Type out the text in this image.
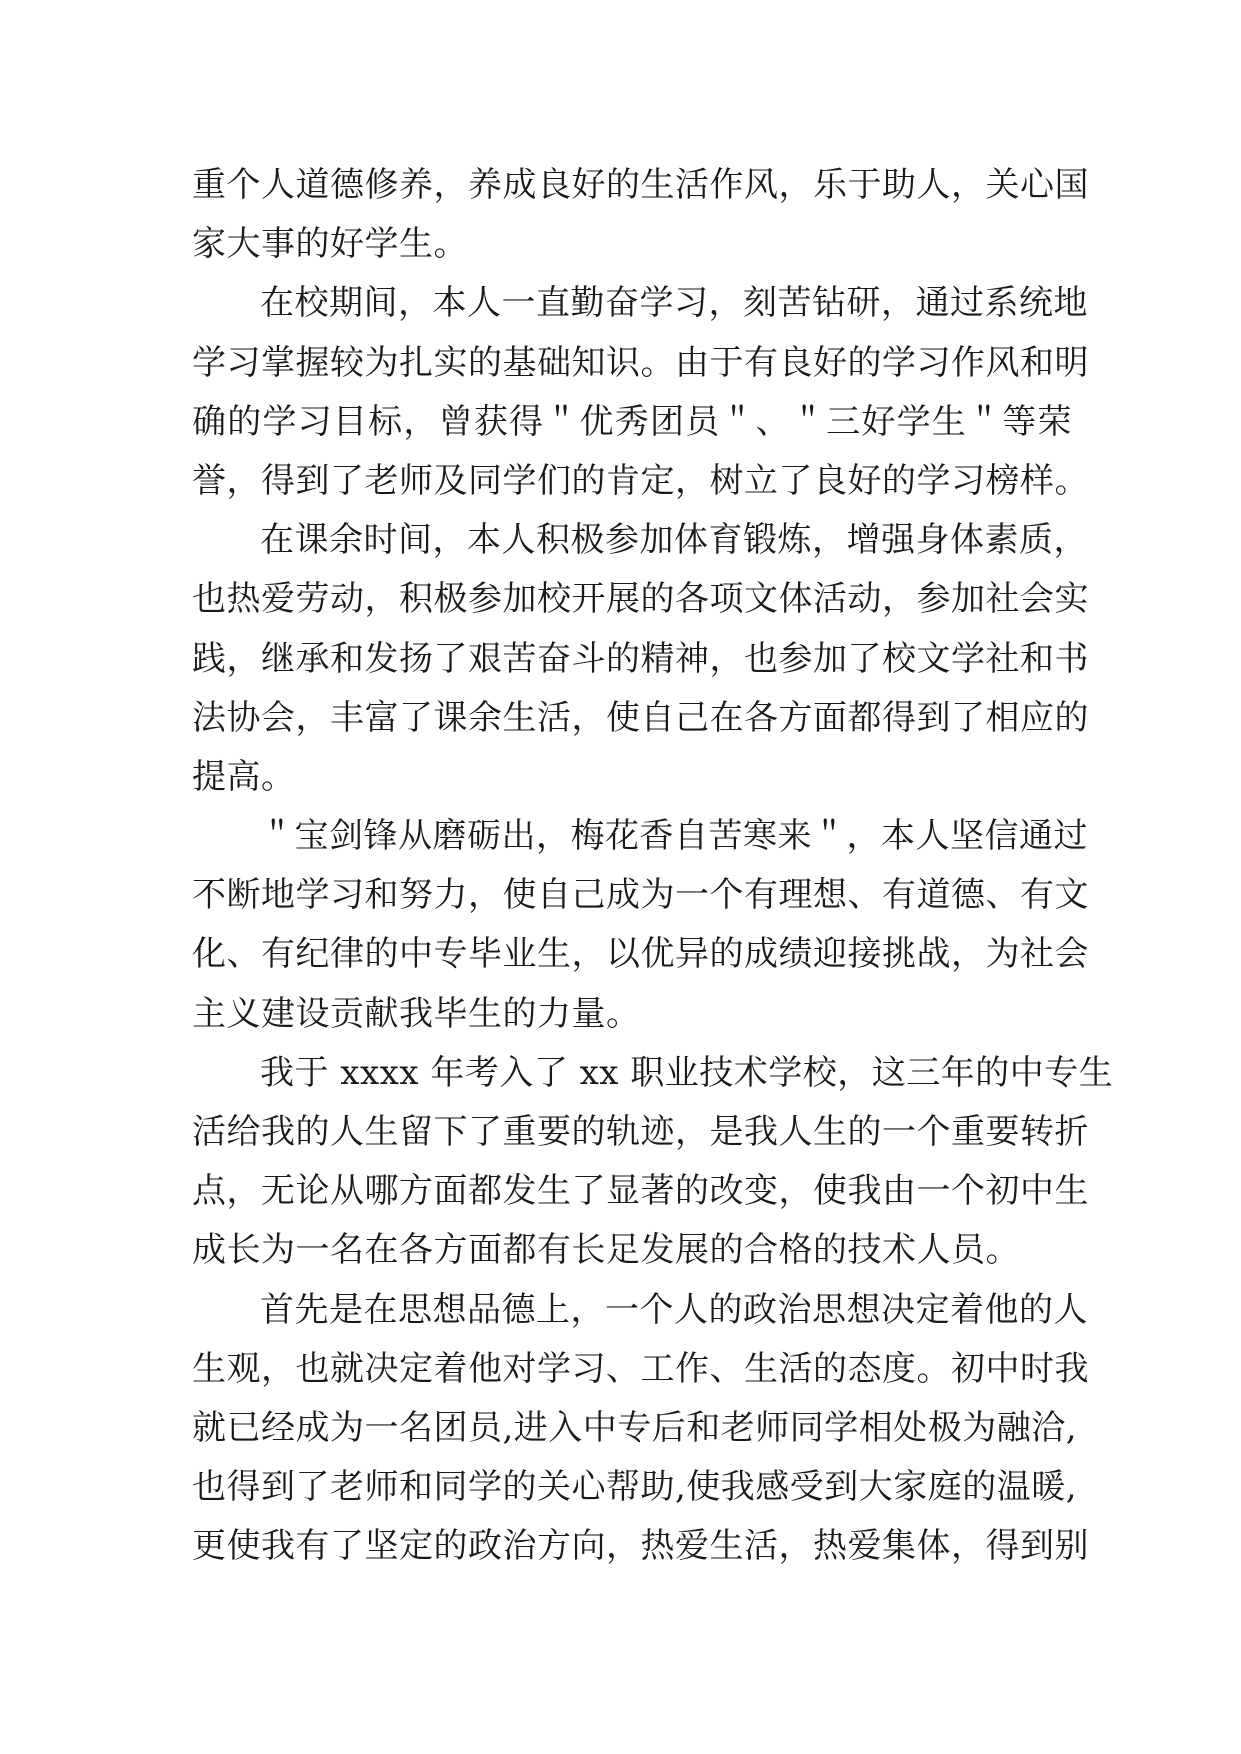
重个人道德修养，养成良好的生活作风，乐于助人，关心国
家大事的好学生。
在校期间，本人一直勤奋学习，刻苦钻研，通过系统地
学习掌握较为扎实的基础知识。由于有良好的学习作风和明
确的学习目标，曾获得＂优秀团员＂、＂三好学生＂等荣
誉，得到了老师及同学们的肯定，树立了良好的学习榜样。
在课余时间，本人积极参加体育锻炼，增强身体素质，
也热爱劳动，积极参加校开展的各项文体活动，参加社会实
践，继承和发扬了艰苦奋斗的精神，也参加了校文学社和书
法协会，丰富了课余生活，使自己在各方面都得到了相应的
提高。
＂宝剑锋从磨砺出，梅花香自苦寒来＂，本人坚信通过
不断地学习和努力，使自己成为一个有理想、有道德、有文
化、有纪律的中专毕业生，以优异的成绩迎接挑战，为社会
主义建设贡献我毕生的力量。
我于 xxxx 年考入了 xx 职业技术学校，这三年的中专生
活给我的人生留下了重要的轨迹，是我人生的一个重要转折
点，无论从哪方面都发生了显著的改变，使我由一个初中生
成长为一名在各方面都有长足发展的合格的技术人员。
首先是在思想品德上，一个人的政治思想决定着他的人
生观，也就决定着他对学习、工作、生活的态度。初中时我
就已经成为一名团员,进入中专后和老师同学相处极为融洽,
也得到了老师和同学的关心帮助,使我感受到大家庭的温暖,
更使我有了坚定的政治方向，热爱生活，热爱集体，得到别
